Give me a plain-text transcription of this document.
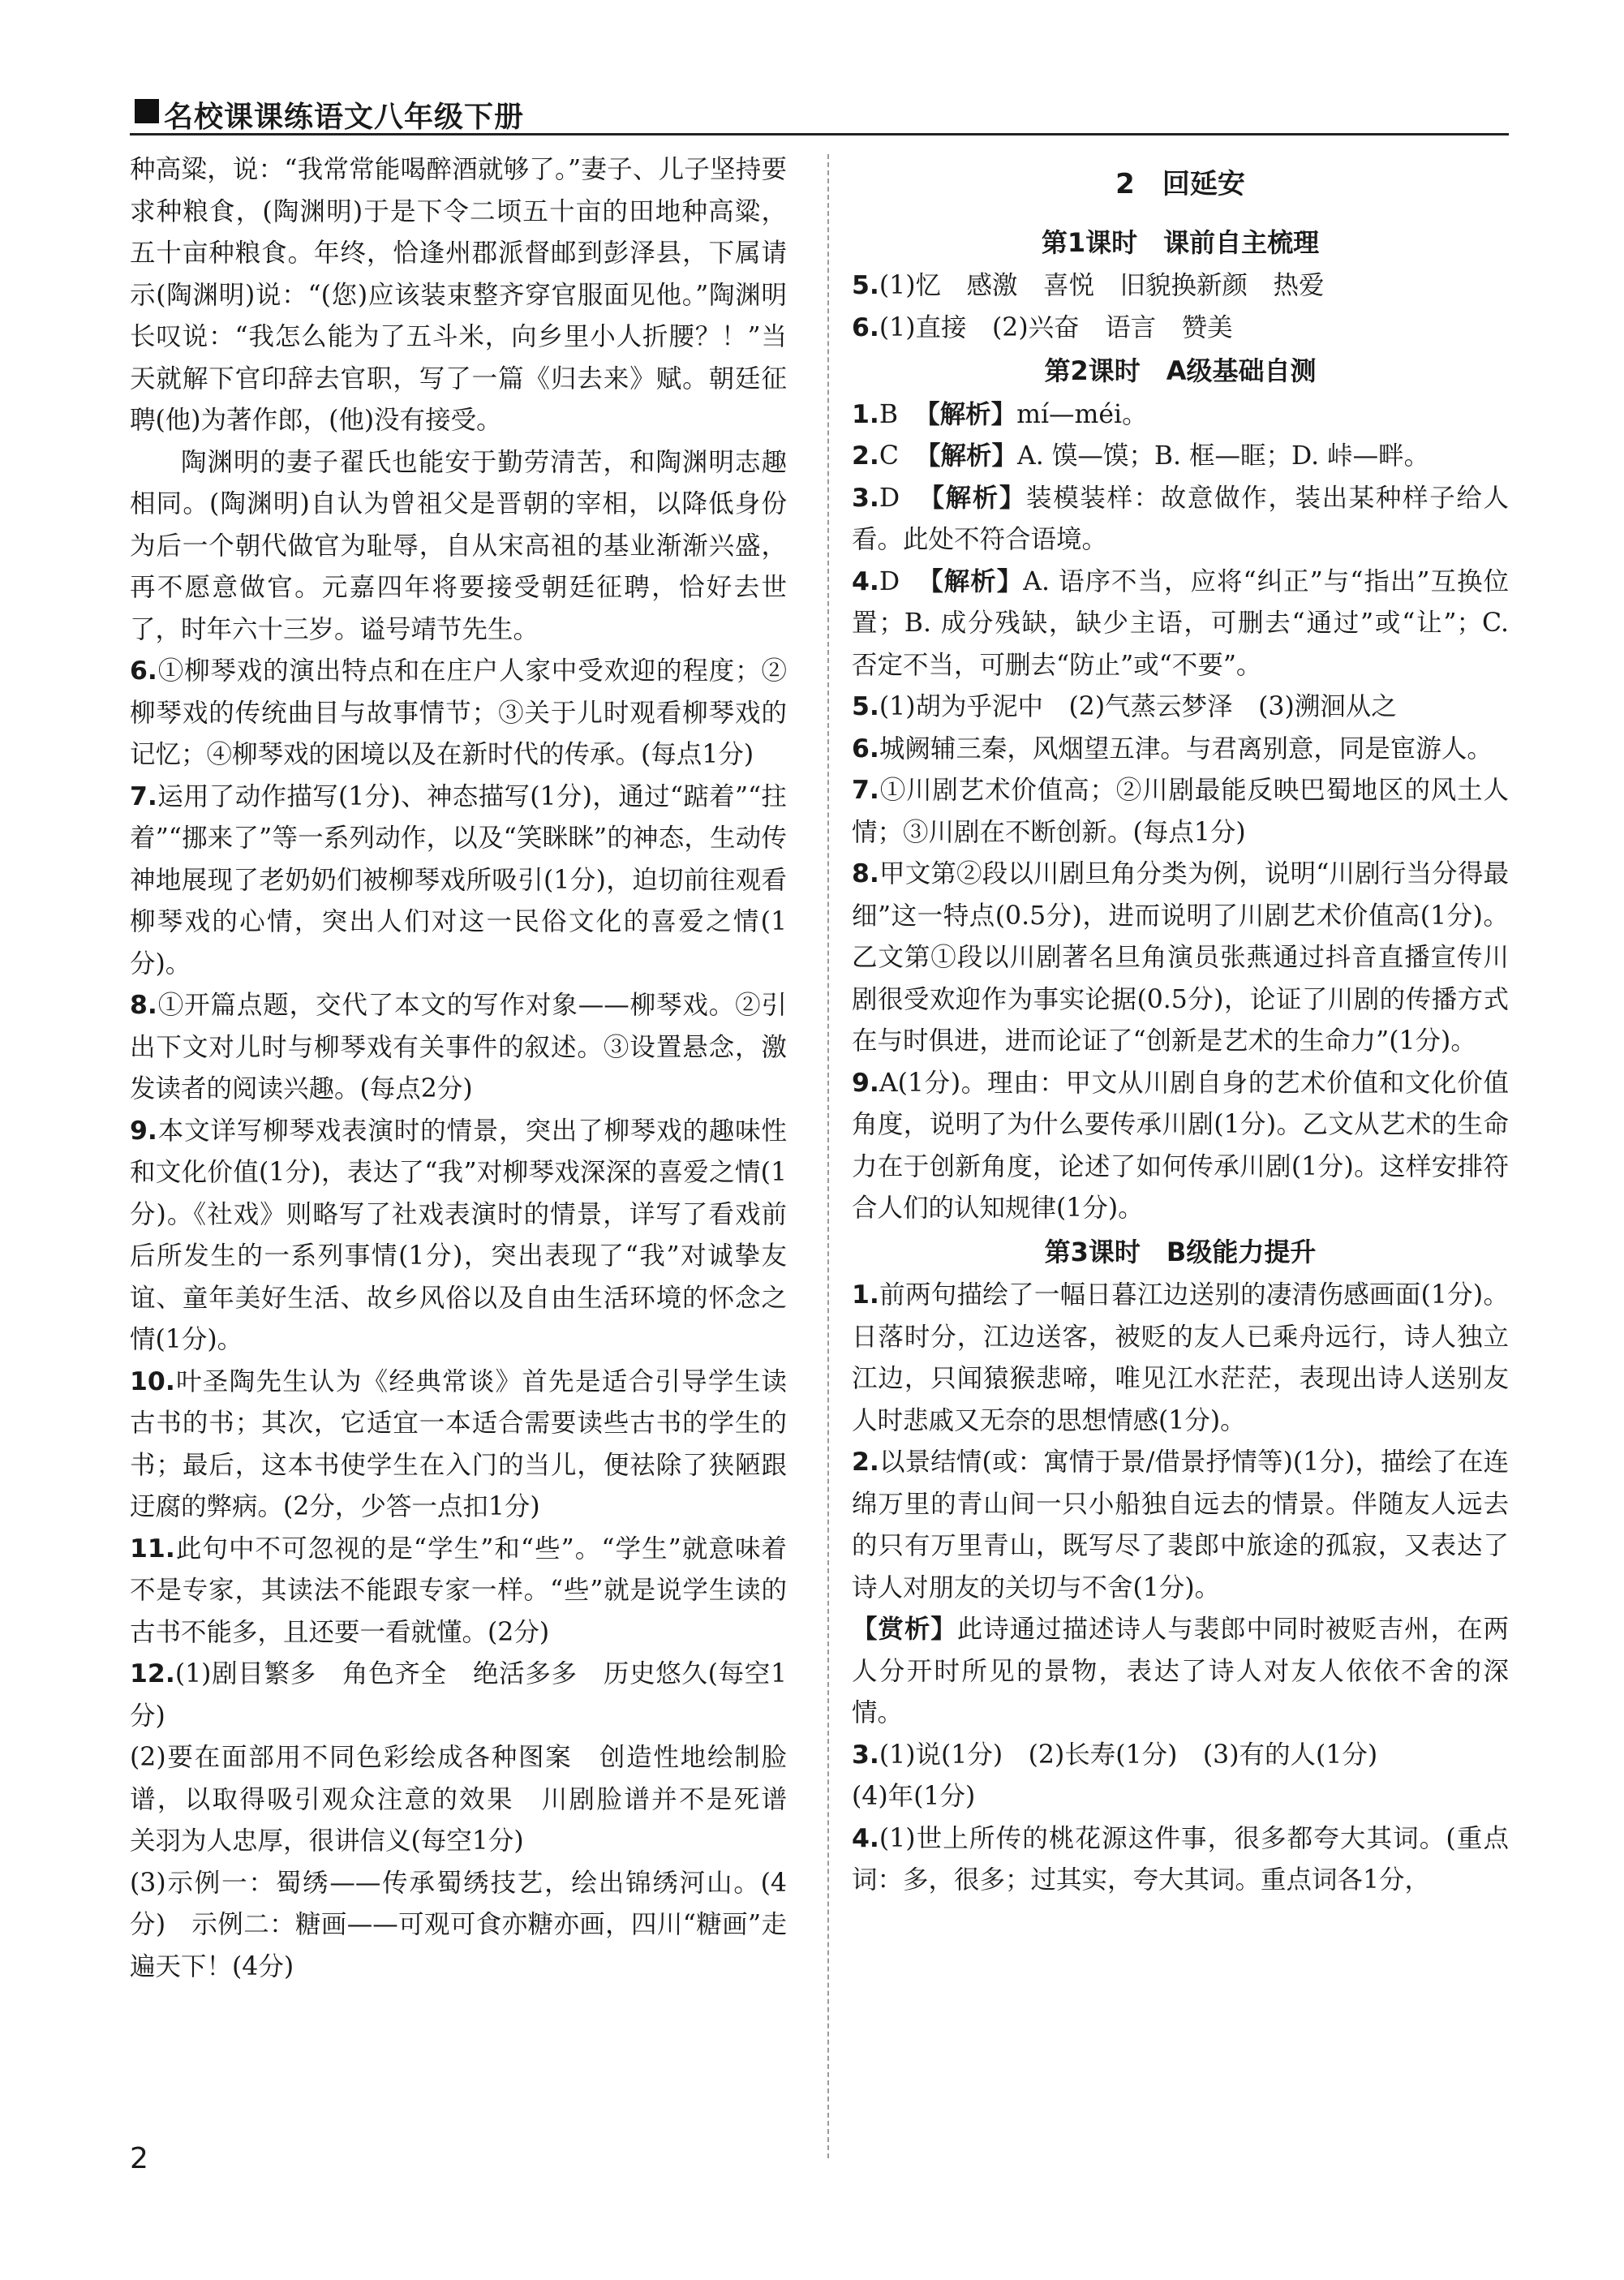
名校课课练语文八年级下册

种高粱，说：“我常常能喝醉酒就够了。”妻子、儿子坚持要求种粮食，(陶渊明)于是下令二顷五十亩的田地种高粱，五十亩种粮食。年终，恰逢州郡派督邮到彭泽县，下属请示(陶渊明)说：“(您)应该装束整齐穿官服面见他。”陶渊明长叹说：“我怎么能为了五斗米，向乡里小人折腰？！”当天就解下官印辞去官职，写了一篇《归去来》赋。朝廷征聘(他)为著作郎，(他)没有接受。

陶渊明的妻子翟氏也能安于勤劳清苦，和陶渊明志趣相同。(陶渊明)自认为曾祖父是晋朝的宰相，以降低身份为后一个朝代做官为耻辱，自从宋高祖的基业渐渐兴盛，再不愿意做官。元嘉四年将要接受朝廷征聘，恰好去世了，时年六十三岁。谥号靖节先生。

6.①柳琴戏的演出特点和在庄户人家中受欢迎的程度；②柳琴戏的传统曲目与故事情节；③关于儿时观看柳琴戏的记忆；④柳琴戏的困境以及在新时代的传承。(每点1分)

7.运用了动作描写(1分)、神态描写(1分)，通过“踮着”“拄着”“挪来了”等一系列动作，以及“笑眯眯”的神态，生动传神地展现了老奶奶们被柳琴戏所吸引(1分)，迫切前往观看柳琴戏的心情，突出人们对这一民俗文化的喜爱之情(1分)。

8.①开篇点题，交代了本文的写作对象——柳琴戏。②引出下文对儿时与柳琴戏有关事件的叙述。③设置悬念，激发读者的阅读兴趣。(每点2分)

9.本文详写柳琴戏表演时的情景，突出了柳琴戏的趣味性和文化价值(1分)，表达了“我”对柳琴戏深深的喜爱之情(1分)。《社戏》则略写了社戏表演时的情景，详写了看戏前后所发生的一系列事情(1分)，突出表现了“我”对诚挚友谊、童年美好生活、故乡风俗以及自由生活环境的怀念之情(1分)。

10.叶圣陶先生认为《经典常谈》首先是适合引导学生读古书的书；其次，它适宜一本适合需要读些古书的学生的书；最后，这本书使学生在入门的当儿，便祛除了狭陋跟迂腐的弊病。(2分，少答一点扣1分)

11.此句中不可忽视的是“学生”和“些”。“学生”就意味着不是专家，其读法不能跟专家一样。“些”就是说学生读的古书不能多，且还要一看就懂。(2分)

12.(1)剧目繁多　角色齐全　绝活多多　历史悠久(每空1分)

(2)要在面部用不同色彩绘成各种图案　创造性地绘制脸谱，以取得吸引观众注意的效果　川剧脸谱并不是死谱　关羽为人忠厚，很讲信义(每空1分)

(3)示例一：蜀绣——传承蜀绣技艺，绘出锦绣河山。(4分)　示例二：糖画——可观可食亦糖亦画，四川“糖画”走遍天下！(4分)

2　回延安
第1课时　课前自主梳理

5.(1)忆　感激　喜悦　旧貌换新颜　热爱

6.(1)直接　(2)兴奋　语言　赞美

第2课时　A级基础自测

1.B 【解析】mí—méi。

2.C 【解析】A. 馍—馍；B. 框—眶；D. 峠—畔。

3.D 【解析】装模装样：故意做作，装出某种样子给人看。此处不符合语境。

4.D 【解析】A. 语序不当，应将“纠正”与“指出”互换位置；B. 成分残缺，缺少主语，可删去“通过”或“让”；C. 否定不当，可删去“防止”或“不要”。

5.(1)胡为乎泥中　(2)气蒸云梦泽　(3)溯洄从之

6.城阙辅三秦，风烟望五津。与君离别意，同是宦游人。

7.①川剧艺术价值高；②川剧最能反映巴蜀地区的风土人情；③川剧在不断创新。(每点1分)

8.甲文第②段以川剧旦角分类为例，说明“川剧行当分得最细”这一特点(0.5分)，进而说明了川剧艺术价值高(1分)。乙文第①段以川剧著名旦角演员张燕通过抖音直播宣传川剧很受欢迎作为事实论据(0.5分)，论证了川剧的传播方式在与时俱进，进而论证了“创新是艺术的生命力”(1分)。

9.A(1分)。理由：甲文从川剧自身的艺术价值和文化价值角度，说明了为什么要传承川剧(1分)。乙文从艺术的生命力在于创新角度，论述了如何传承川剧(1分)。这样安排符合人们的认知规律(1分)。

第3课时　B级能力提升

1.前两句描绘了一幅日暮江边送别的凄清伤感画面(1分)。日落时分，江边送客，被贬的友人已乘舟远行，诗人独立江边，只闻猿猴悲啼，唯见江水茫茫，表现出诗人送别友人时悲戚又无奈的思想情感(1分)。

2.以景结情(或：寓情于景/借景抒情等)(1分)，描绘了在连绵万里的青山间一只小船独自远去的情景。伴随友人远去的只有万里青山，既写尽了裴郎中旅途的孤寂，又表达了诗人对朋友的关切与不舍(1分)。

【赏析】此诗通过描述诗人与裴郎中同时被贬吉州，在两人分开时所见的景物，表达了诗人对友人依依不舍的深情。

3.(1)说(1分)　(2)长寿(1分)　(3)有的人(1分)

(4)年(1分)

4.(1)世上所传的桃花源这件事，很多都夸大其词。(重点词：多，很多；过其实，夸大其词。重点词各1分，

2
